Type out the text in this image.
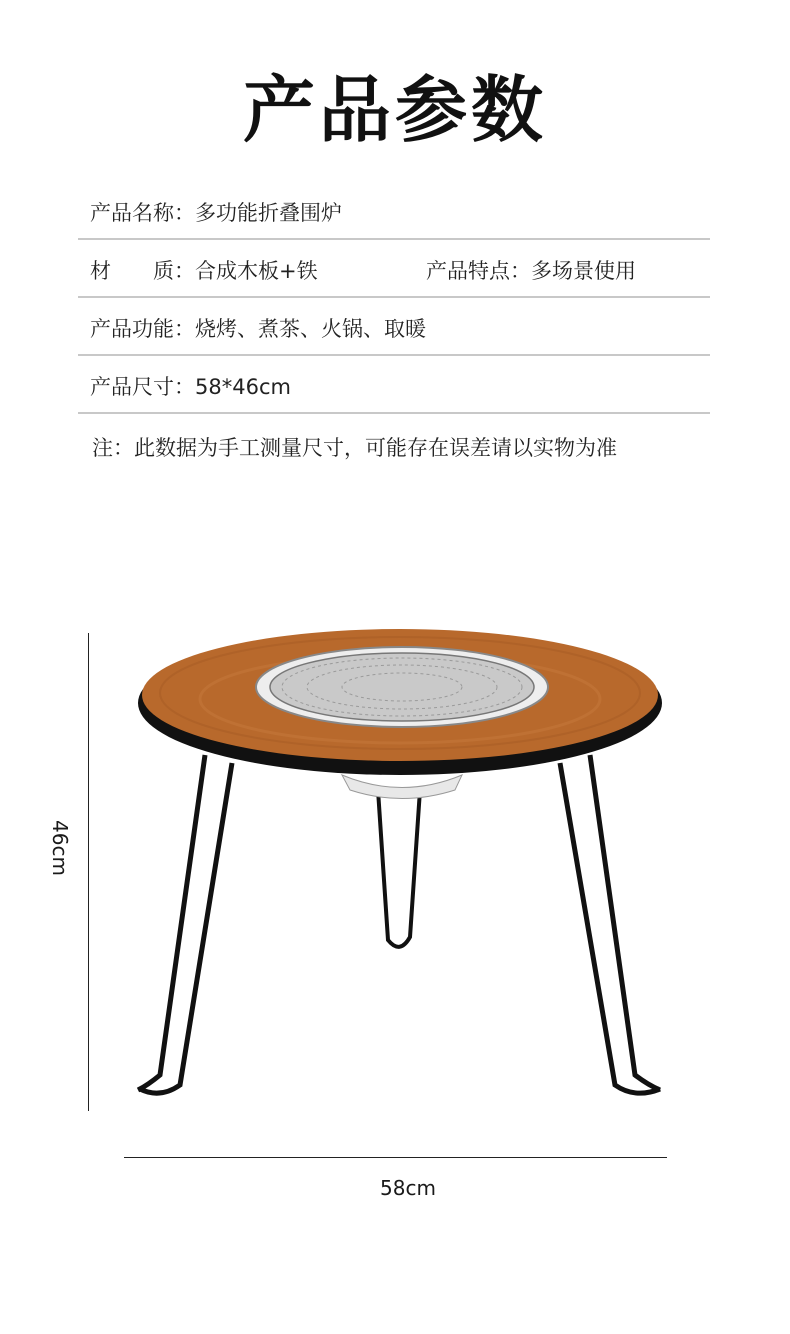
产品参数
产品名称：多功能折叠围炉
材　　质：合成木板+铁	产品特点：多场景使用
产品功能：烧烤、煮茶、火锅、取暖
产品尺寸：58*46cm
注：此数据为手工测量尺寸，可能存在误差请以实物为准
46cm
58cm
